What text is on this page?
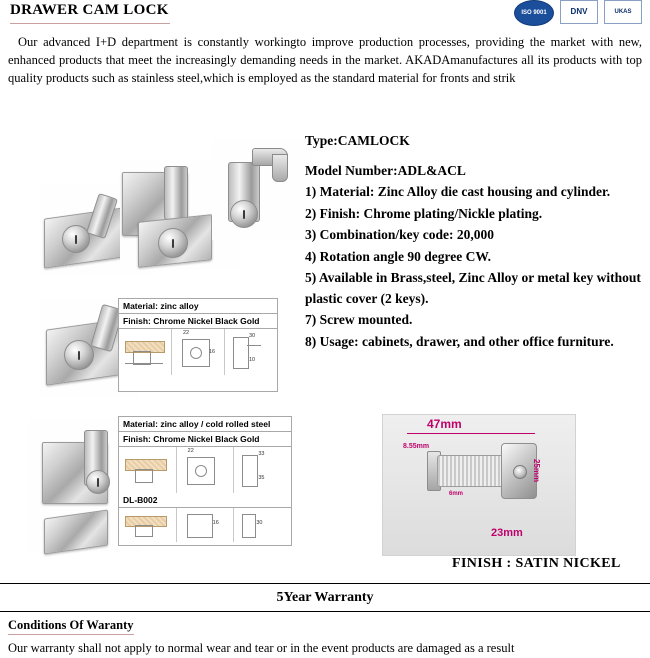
ISO 9001	DNV	UKAS
DRAWER CAM LOCK
Our advanced I+D department is constantly workingto improve production processes, providing the market with new, enhanced products that meet the increasingly demanding needs in the market. AKADAmanufactures all its products with top quality products such as stainless steel,which is employed as the standard material for fronts and strik
Material: zinc alloy
Finish: Chrome Nickel Black Gold
22
16
30
10
Material: zinc alloy / cold rolled steel
Finish: Chrome Nickel Black Gold
22	33
35
DL-B002
16	30
47mm
8.55mm
6mm
25mm
23mm
FINISH : SATIN NICKEL
Type:CAMLOCK
Model Number:ADL&ACL
1) Material: Zinc Alloy die cast housing and cylinder.
2) Finish: Chrome plating/Nickle plating.
3) Combination/key code: 20,000
4) Rotation angle 90 degree CW.
5) Available in Brass,steel, Zinc Alloy or metal key without plastic cover (2 keys).
7) Screw mounted.
8) Usage: cabinets, drawer, and other office furniture.
5Year Warranty
Conditions Of Waranty
Our warranty shall not apply to normal wear and tear or in the event products are damaged as a result
